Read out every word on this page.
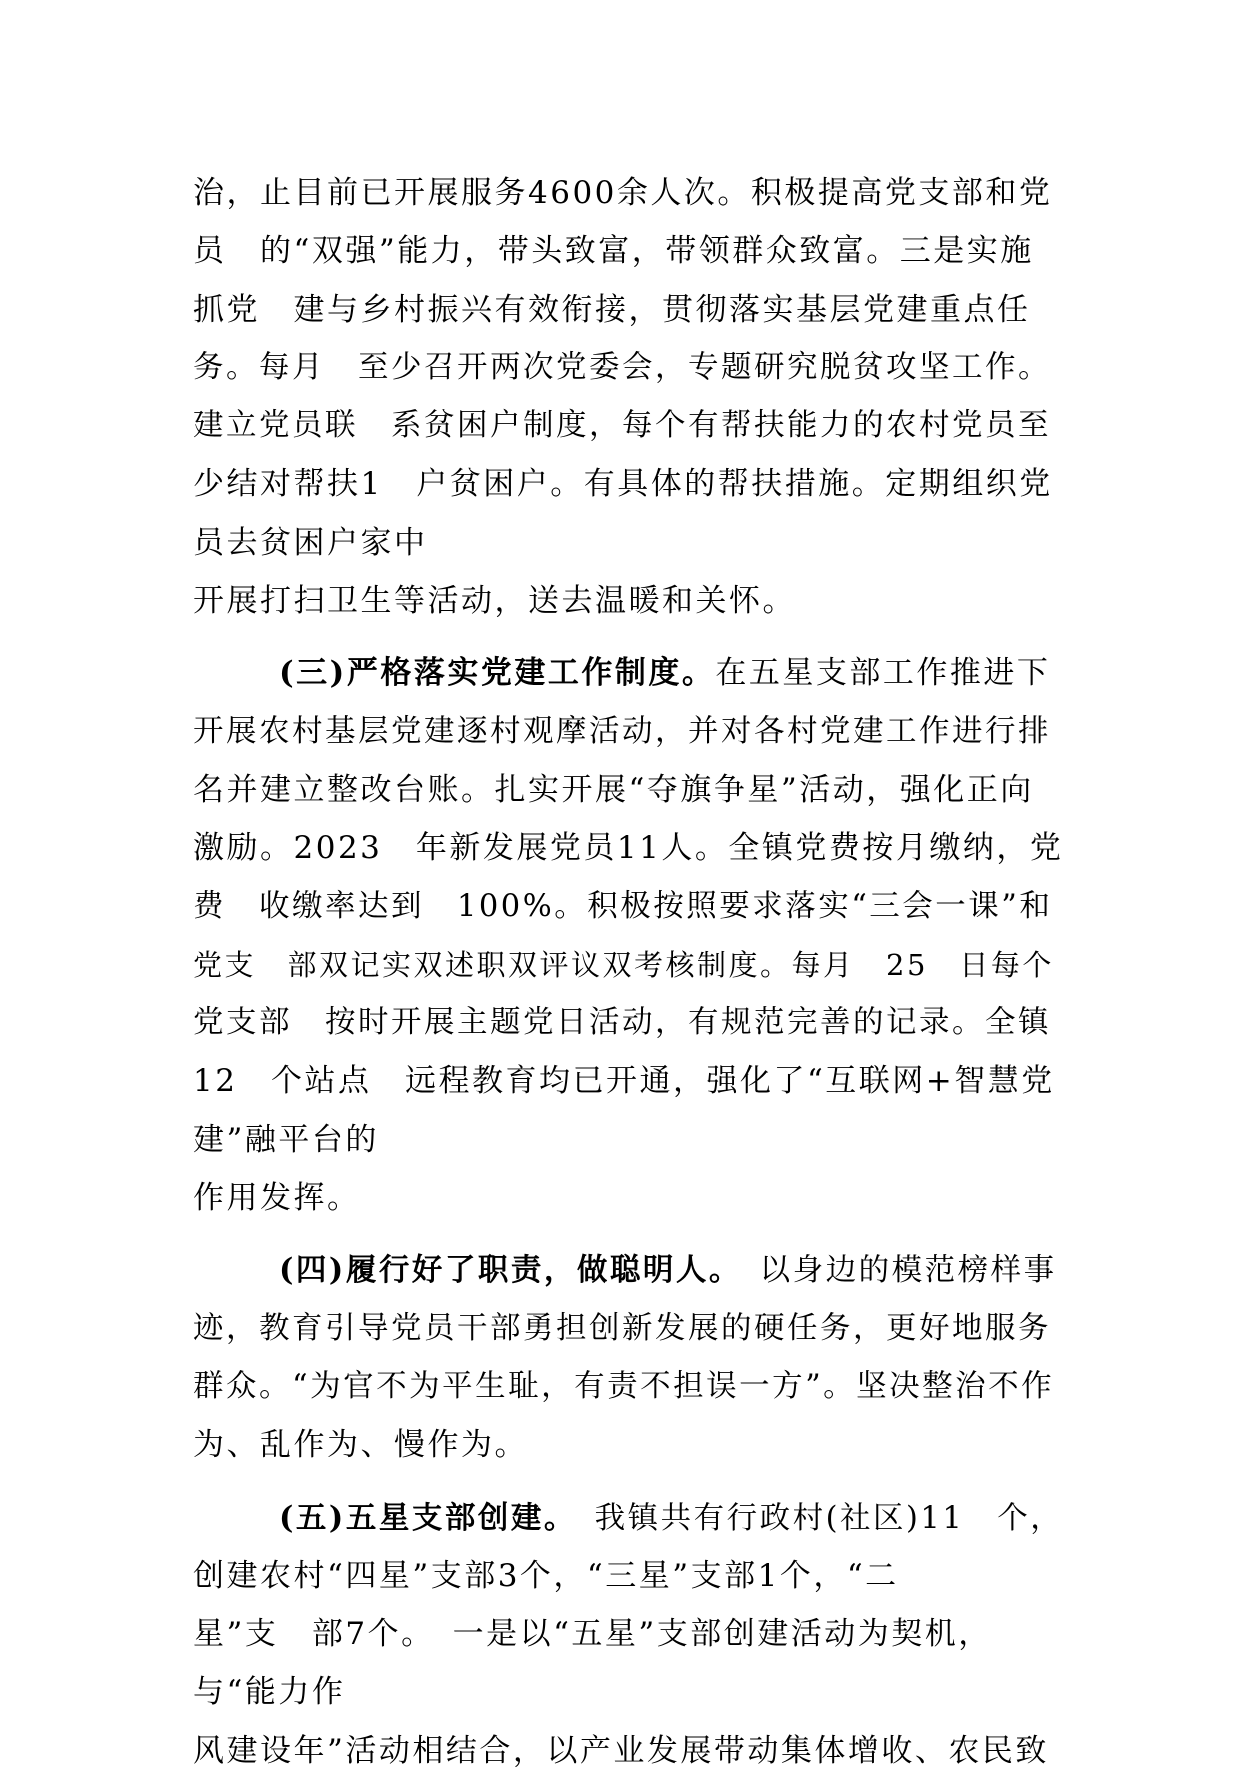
治，止目前已开展服务4600余人次。积极提高党支部和党
员　的“双强”能力，带头致富，带领群众致富。三是实施
抓党　建与乡村振兴有效衔接，贯彻落实基层党建重点任
务。每月　至少召开两次党委会，专题研究脱贫攻坚工作。
建立党员联　系贫困户制度，每个有帮扶能力的农村党员至
少结对帮扶1　户贫困户。有具体的帮扶措施。定期组织党
员去贫困户家中
开展打扫卫生等活动，送去温暖和关怀。
(三)严格落实党建工作制度。在五星支部工作推进下
开展农村基层党建逐村观摩活动，并对各村党建工作进行排
名并建立整改台账。扎实开展“夺旗争星”活动，强化正向
激励。2023　年新发展党员11人。全镇党费按月缴纳，党
费　收缴率达到　100%。积极按照要求落实“三会一课”和
党支　部双记实双述职双评议双考核制度。每月　25　日每个
党支部　按时开展主题党日活动，有规范完善的记录。全镇
12　个站点　远程教育均已开通，强化了“互联网+智慧党
建”融平台的
作用发挥。
(四)履行好了职责，做聪明人。　以身边的模范榜样事
迹，教育引导党员干部勇担创新发展的硬任务，更好地服务
群众。“为官不为平生耻，有责不担误一方”。坚决整治不作
为、乱作为、慢作为。
(五)五星支部创建。　我镇共有行政村(社区)11　个，
创建农村“四星”支部3个，“三星”支部1个，“二
星”支　部7个。　一是以“五星”支部创建活动为契机，
与“能力作
风建设年”活动相结合，以产业发展带动集体增收、农民致
